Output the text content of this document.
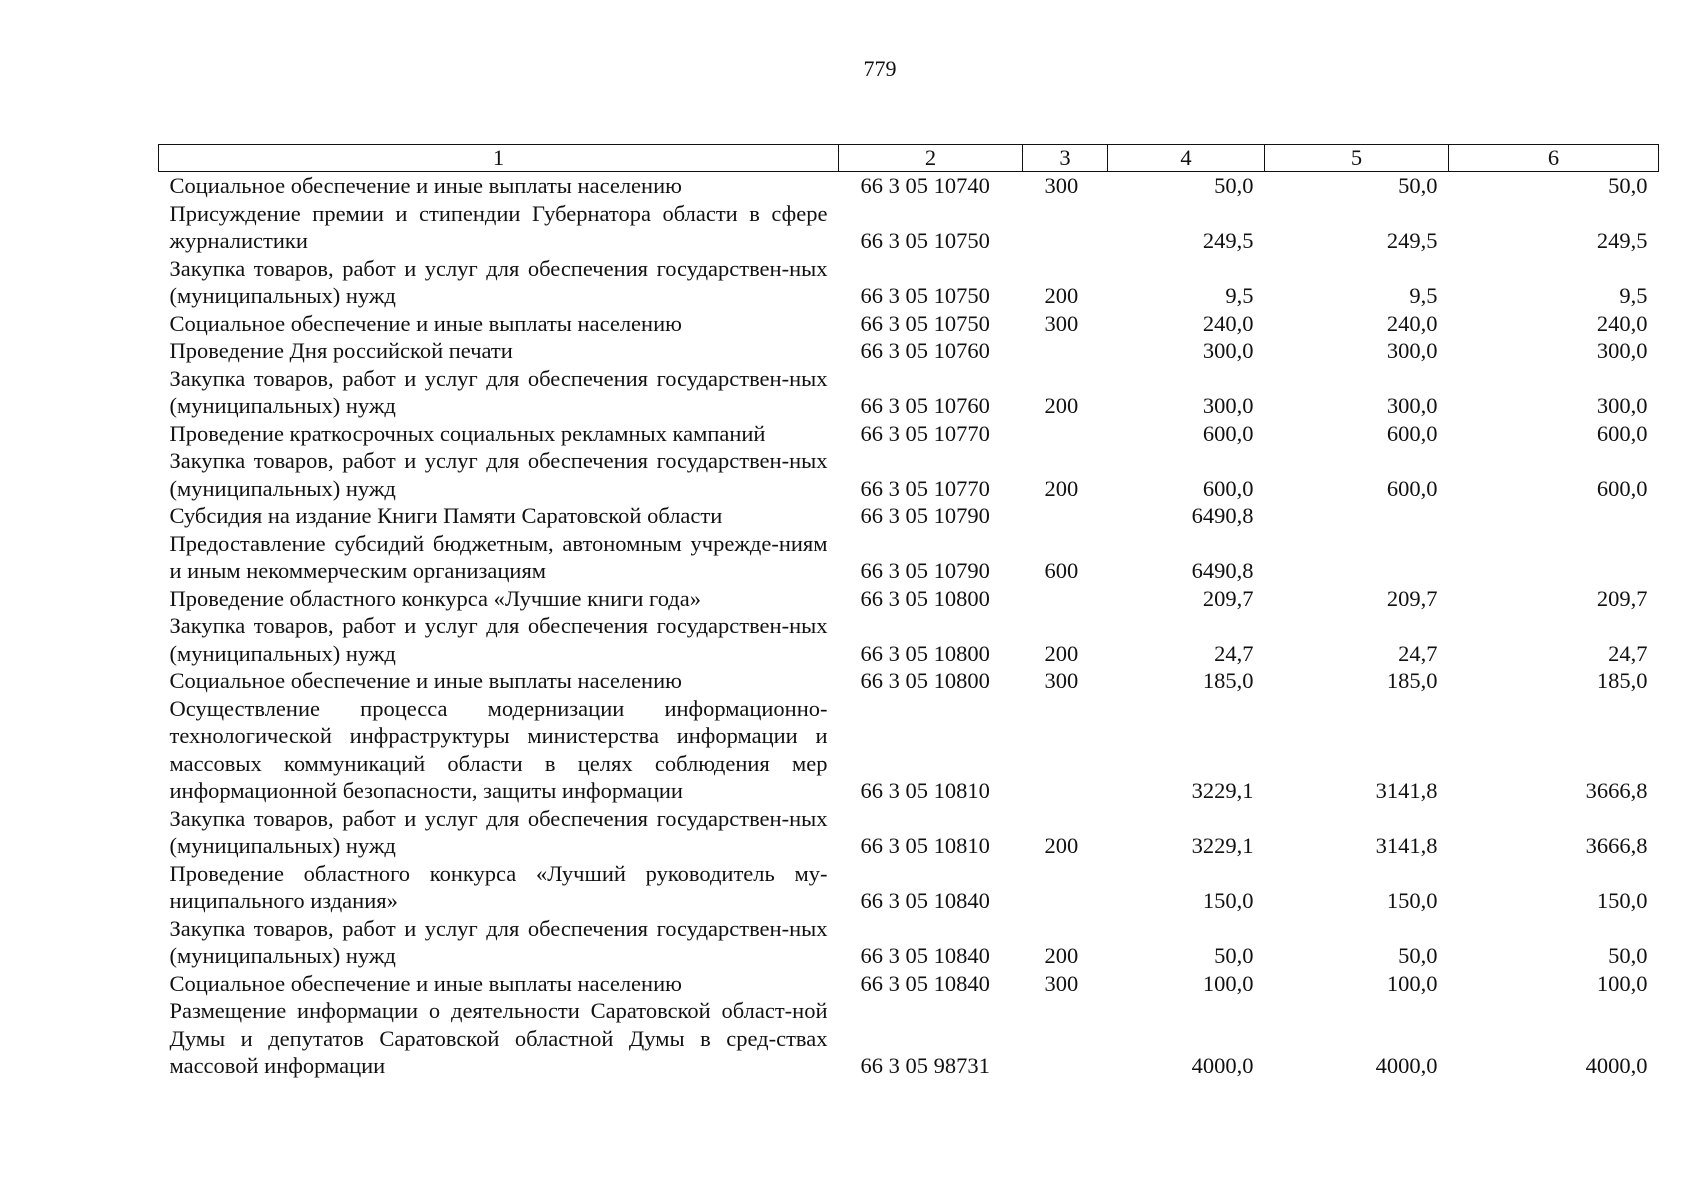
779
1	2	3	4	5	6
Социальное обеспечение и иные выплаты населению	66 3 05 10740	300	50,0	50,0	50,0
Присуждение премии и стипендии Губернатора области в сфере журналистики	66 3 05 10750		249,5	249,5	249,5
Закупка товаров, работ и услуг для обеспечения государствен-ных (муниципальных) нужд	66 3 05 10750	200	9,5	9,5	9,5
Социальное обеспечение и иные выплаты населению	66 3 05 10750	300	240,0	240,0	240,0
Проведение Дня российской печати	66 3 05 10760		300,0	300,0	300,0
Закупка товаров, работ и услуг для обеспечения государствен-ных (муниципальных) нужд	66 3 05 10760	200	300,0	300,0	300,0
Проведение краткосрочных социальных рекламных кампаний	66 3 05 10770		600,0	600,0	600,0
Закупка товаров, работ и услуг для обеспечения государствен-ных (муниципальных) нужд	66 3 05 10770	200	600,0	600,0	600,0
Субсидия на издание Книги Памяти Саратовской области	66 3 05 10790		6490,8		
Предоставление субсидий бюджетным, автономным учрежде-ниям и иным некоммерческим организациям	66 3 05 10790	600	6490,8		
Проведение областного конкурса «Лучшие книги года»	66 3 05 10800		209,7	209,7	209,7
Закупка товаров, работ и услуг для обеспечения государствен-ных (муниципальных) нужд	66 3 05 10800	200	24,7	24,7	24,7
Социальное обеспечение и иные выплаты населению	66 3 05 10800	300	185,0	185,0	185,0
Осуществление процесса модернизации информационно-технологической инфраструктуры министерства информации и массовых коммуникаций области в целях соблюдения мер информационной безопасности, защиты информации	66 3 05 10810		3229,1	3141,8	3666,8
Закупка товаров, работ и услуг для обеспечения государствен-ных (муниципальных) нужд	66 3 05 10810	200	3229,1	3141,8	3666,8
Проведение областного конкурса «Лучший руководитель му-ниципального издания»	66 3 05 10840		150,0	150,0	150,0
Закупка товаров, работ и услуг для обеспечения государствен-ных (муниципальных) нужд	66 3 05 10840	200	50,0	50,0	50,0
Социальное обеспечение и иные выплаты населению	66 3 05 10840	300	100,0	100,0	100,0
Размещение информации о деятельности Саратовской област-ной Думы и депутатов Саратовской областной Думы в сред-ствах массовой информации	66 3 05 98731		4000,0	4000,0	4000,0
